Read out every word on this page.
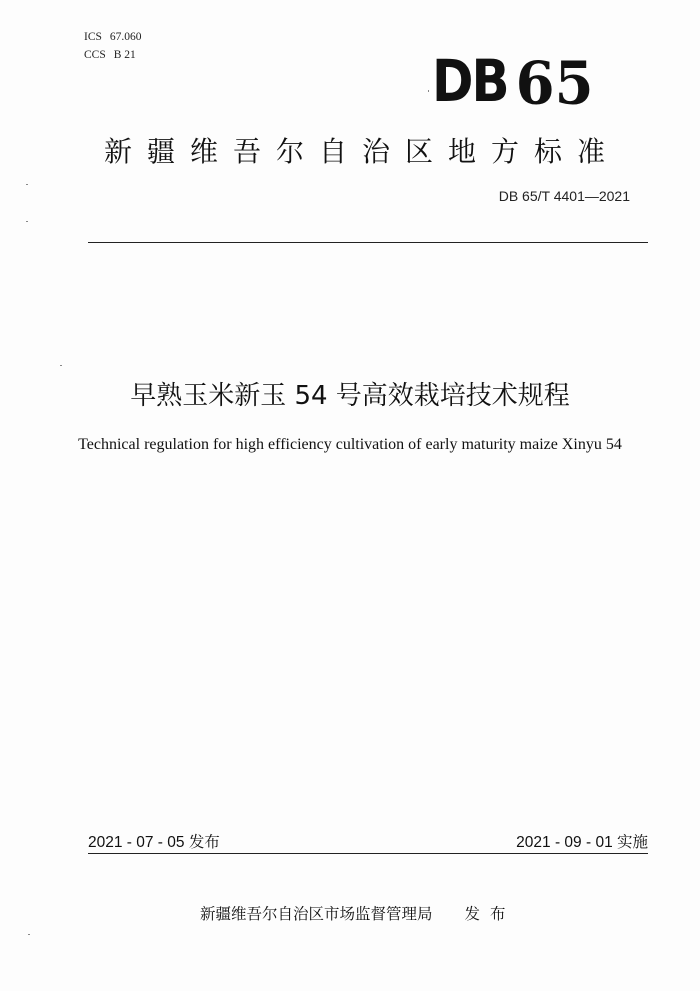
ICS 67.060
CCS B 21	DB 65
新疆维吾尔自治区地方标准
DB 65/T 4401—2021
早熟玉米新玉 54 号高效栽培技术规程
Technical regulation for high efficiency cultivation of early maturity maize Xinyu 54
2021 - 07 - 05 发布	2021 - 09 - 01 实施
新疆维吾尔自治区市场监督管理局 发布
